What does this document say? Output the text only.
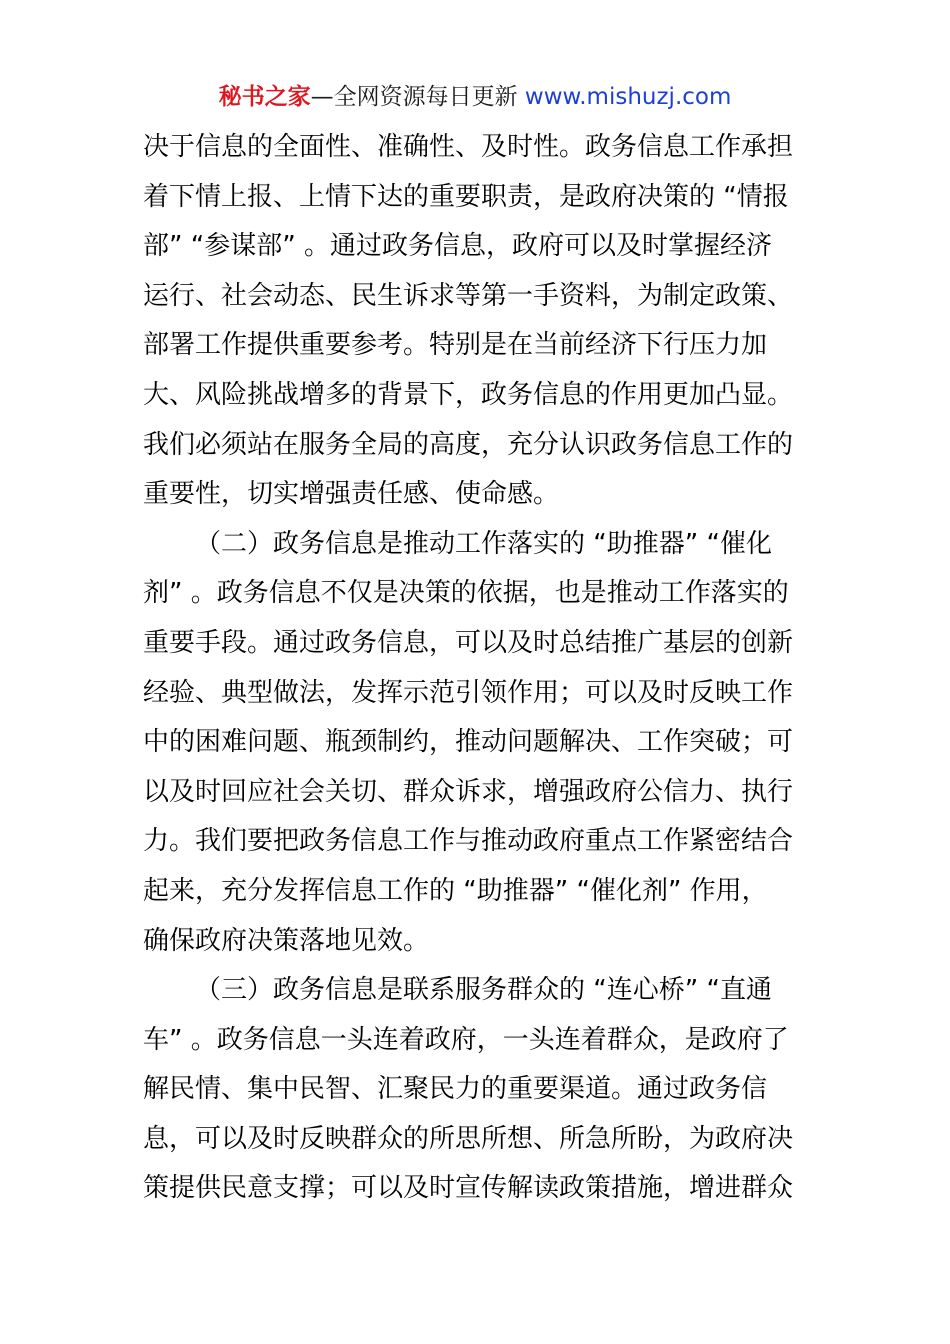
秘书之家—全网资源每日更新 www.mishuzj.com
决于信息的全面性、准确性、及时性。政务信息工作承担
着下情上报、上情下达的重要职责，是政府决策的 “情报
部” “参谋部” 。通过政务信息，政府可以及时掌握经济
运行、社会动态、民生诉求等第一手资料，为制定政策、
部署工作提供重要参考。特别是在当前经济下行压力加
大、风险挑战增多的背景下，政务信息的作用更加凸显。
我们必须站在服务全局的高度，充分认识政务信息工作的
重要性，切实增强责任感、使命感。
（二）政务信息是推动工作落实的 “助推器” “催化
剂” 。政务信息不仅是决策的依据，也是推动工作落实的
重要手段。通过政务信息，可以及时总结推广基层的创新
经验、典型做法，发挥示范引领作用；可以及时反映工作
中的困难问题、瓶颈制约，推动问题解决、工作突破；可
以及时回应社会关切、群众诉求，增强政府公信力、执行
力。我们要把政务信息工作与推动政府重点工作紧密结合
起来，充分发挥信息工作的 “助推器” “催化剂” 作用，
确保政府决策落地见效。
（三）政务信息是联系服务群众的 “连心桥” “直通
车” 。政务信息一头连着政府，一头连着群众，是政府了
解民情、集中民智、汇聚民力的重要渠道。通过政务信
息，可以及时反映群众的所思所想、所急所盼，为政府决
策提供民意支撑；可以及时宣传解读政策措施，增进群众
